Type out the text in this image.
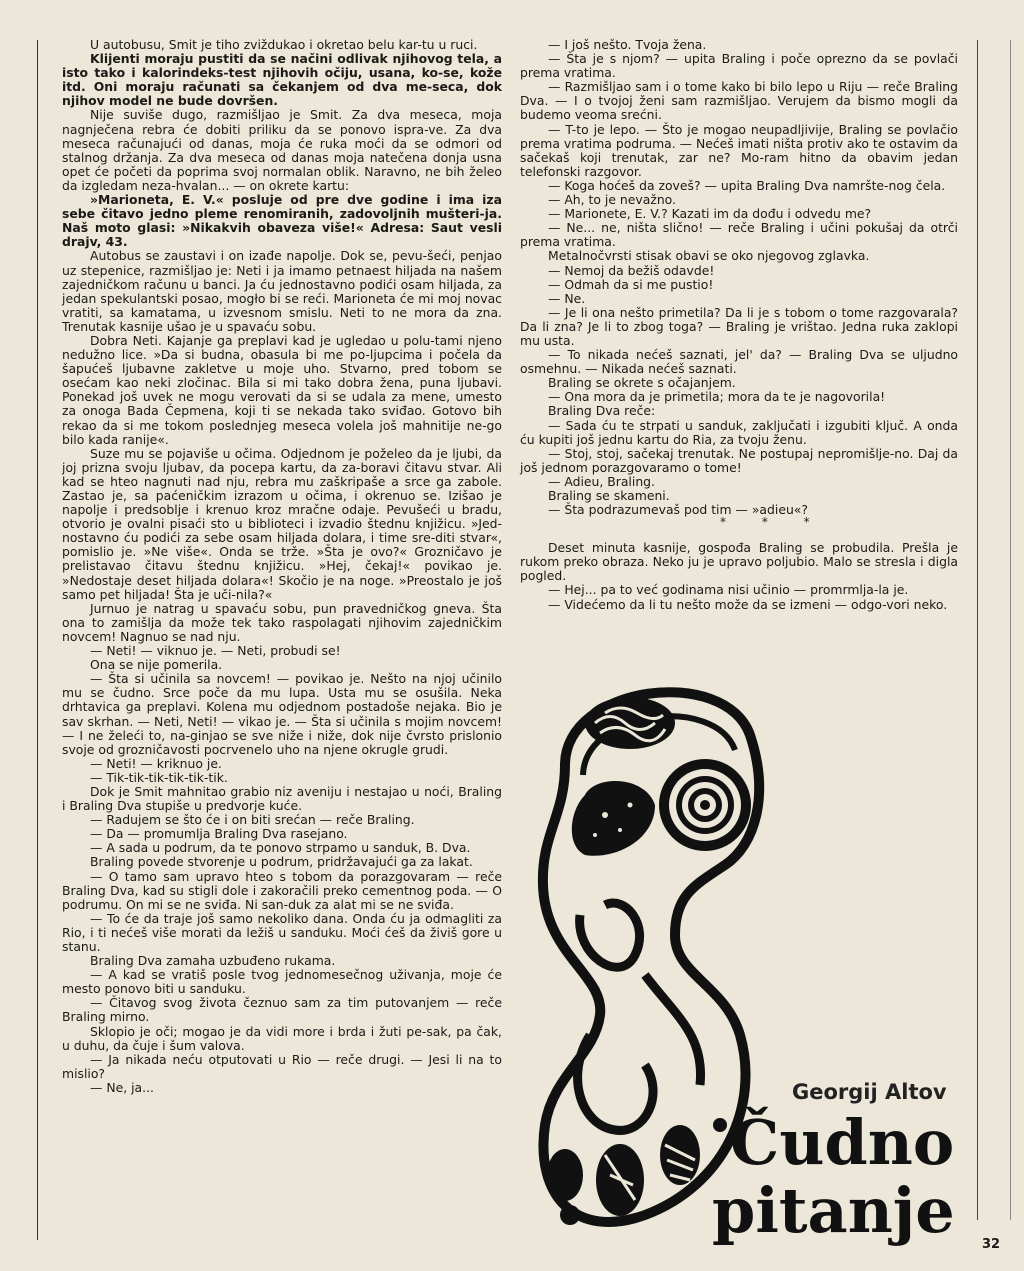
U autobusu, Smit je tiho zviždukao i okretao belu kar-tu u ruci.

Klijenti moraju pustiti da se načini odlivak njihovog tela, a isto tako i kalorindeks-test njihovih očiju, usana, ko-se, kože itd. Oni moraju računati sa čekanjem od dva me-seca, dok njihov model ne bude dovršen.

Nije suviše dugo, razmišljao je Smit. Za dva meseca, moja nagnječena rebra će dobiti priliku da se ponovo ispra-ve. Za dva meseca računajući od danas, moja će ruka moći da se odmori od stalnog držanja. Za dva meseca od danas moja natečena donja usna opet će početi da poprima svoj normalan oblik. Naravno, ne bih želeo da izgledam neza-hvalan... — on okrete kartu:

»Marioneta, E. V.« posluje od pre dve godine i ima iza sebe čitavo jedno pleme renomiranih, zadovoljnih mušteri-ja. Naš moto glasi: »Nikakvih obaveza više!« Adresa: Saut vesli drajv, 43.

Autobus se zaustavi i on izađe napolje. Dok se, pevu-šeći, penjao uz stepenice, razmišljao je: Neti i ja imamo petnaest hiljada na našem zajedničkom računu u banci. Ja ću jednostavno podići osam hiljada, za jedan spekulantski posao, mogło bi se reći. Marioneta će mi moj novac vratiti, sa kamatama, u izvesnom smislu. Neti to ne mora da zna. Trenutak kasnije ušao je u spavaću sobu.

Dobra Neti. Kajanje ga preplavi kad je ugledao u polu-tami njeno nedužno lice. »Da si budna, obasula bi me po-ljupcima i počela da šapućeš ljubavne zakletve u moje uho. Stvarno, pred tobom se osećam kao neki zločinac. Bila si mi tako dobra žena, puna ljubavi. Ponekad još uvek ne mogu verovati da si se udala za mene, umesto za onoga Bada Čepmena, koji ti se nekada tako sviđao. Gotovo bih rekao da si me tokom poslednjeg meseca volela još mahnitije ne-go bilo kada ranije«.

Suze mu se pojaviše u očima. Odjednom je poželeo da je ljubi, da joj prizna svoju ljubav, da pocepa kartu, da za-boravi čitavu stvar. Ali kad se hteo nagnuti nad nju, rebra mu zaškripaše a srce ga zabole. Zastao je, sa paćeničkim izrazom u očima, i okrenuo se. Izišao je napolje i predsoblje i krenuo kroz mračne odaje. Pevušeći u bradu, otvorio je ovalni pisaći sto u biblioteci i izvadio štednu knjižicu. »Jed-nostavno ću podići za sebe osam hiljada dolara, i time sre-diti stvar«, pomislio je. »Ne više«. Onda se trže. »Šta je ovo?« Grozničavo je prelistavao čitavu štednu knjižicu. »Hej, čekaj!« povikao je. »Nedostaje deset hiljada dolara«! Skočio je na noge. »Preostalo je još samo pet hiljada! Šta je uči-nila?«

Jurnuo je natrag u spavaću sobu, pun pravedničkog gneva. Šta ona to zamišlja da može tek tako raspolagati njihovim zajedničkim novcem! Nagnuo se nad nju.

— Neti! — viknuo je. — Neti, probudi se!

Ona se nije pomerila.

— Šta si učinila sa novcem! — povikao je. Nešto na njoj učinilo mu se čudno. Srce poče da mu lupa. Usta mu se osušila. Neka drhtavica ga preplavi. Kolena mu odjednom postadoše nejaka. Bio je sav skrhan. — Neti, Neti! — vikao je. — Šta si učinila s mojim novcem! — I ne želeći to, na-ginjao se sve niže i niže, dok nije čvrsto prislonio svoje od grozničavosti pocrvenelo uho na njene okrugle grudi.

— Neti! — kriknuo je.

— Tik-tik-tik-tik-tik-tik.

Dok je Smit mahnitao grabio niz aveniju i nestajao u noći, Braling i Braling Dva stupiše u predvorje kuće.

— Radujem se što će i on biti srećan — reče Braling.

— Da — promumlja Braling Dva rasejano.

— A sada u podrum, da te ponovo strpamo u sanduk, B. Dva.

Braling povede stvorenje u podrum, pridržavajući ga za lakat.

— O tamo sam upravo hteo s tobom da porazgovaram — reče Braling Dva, kad su stigli dole i zakoračili preko cementnog poda. — O podrumu. On mi se ne sviđa. Ni san-duk za alat mi se ne sviđa.

— To će da traje još samo nekoliko dana. Onda ću ja odmagliti za Rio, i ti nećeš više morati da ležiš u sanduku. Moći ćeš da živiš gore u stanu.

Braling Dva zamaha uzbuđeno rukama.

— A kad se vratiš posle tvog jednomesečnog uživanja, moje će mesto ponovo biti u sanduku.

— Čitavog svog života čeznuo sam za tim putovanjem — reče Braling mirno.

Sklopio je oči; mogao je da vidi more i brda i žuti pe-sak, pa čak, u duhu, da čuje i šum valova.

— Ja nikada neću otputovati u Rio — reče drugi. — Jesi li na to mislio?

— Ne, ja...

— I još nešto. Tvoja žena.

— Šta je s njom? — upita Braling i poče oprezno da se povlači prema vratima.

— Razmišljao sam i o tome kako bi bilo lepo u Riju — reče Braling Dva. — I o tvojoj ženi sam razmišljao. Verujem da bismo mogli da budemo veoma srećni.

— T-to je lepo. — Što je mogao neupadljivije, Braling se povlačio prema vratima podruma. — Nećeš imati ništa protiv ako te ostavim da sačekaš koji trenutak, zar ne? Mo-ram hitno da obavim jedan telefonski razgovor.

— Koga hoćeš da zoveš? — upita Braling Dva namršte-nog čela.

— Ah, to je nevažno.

— Marionete, E. V.? Kazati im da dođu i odvedu me?

— Ne... ne, ništa slično! — reče Braling i učini pokušaj da otrči prema vratima.

Metalnočvrsti stisak obavi se oko njegovog zglavka.

— Nemoj da bežiš odavde!

— Odmah da si me pustio!

— Ne.

— Je li ona nešto primetila? Da li je s tobom o tome razgovarala? Da li zna? Je li to zbog toga? — Braling je vrištao. Jedna ruka zaklopi mu usta.

— To nikada nećeš saznati, jel' da? — Braling Dva se uljudno osmehnu. — Nikada nećeš saznati.

Braling se okrete s očajanjem.

— Ona mora da je primetila; mora da te je nagovorila!

Braling Dva reče:

— Sada ću te strpati u sanduk, zaključati i izgubiti ključ. A onda ću kupiti još jednu kartu do Ria, za tvoju ženu.

— Stoj, stoj, sačekaj trenutak. Ne postupaj nepromišlje-no. Daj da još jednom porazgovaramo o tome!

— Adieu, Braling.

Braling se skameni.

— Šta podrazumevaš pod tim — »adieu«?

* * *

Deset minuta kasnije, gospođa Braling se probudila. Prešla je rukom preko obraza. Neko ju je upravo poljubio. Malo se stresla i digla pogled.

— Hej... pa to već godinama nisi učinio — promrmlja-la je.

— Videćemo da li tu nešto može da se izmeni — odgo-vori neko.

Georgij Altov
Čudno
pitanje 32
